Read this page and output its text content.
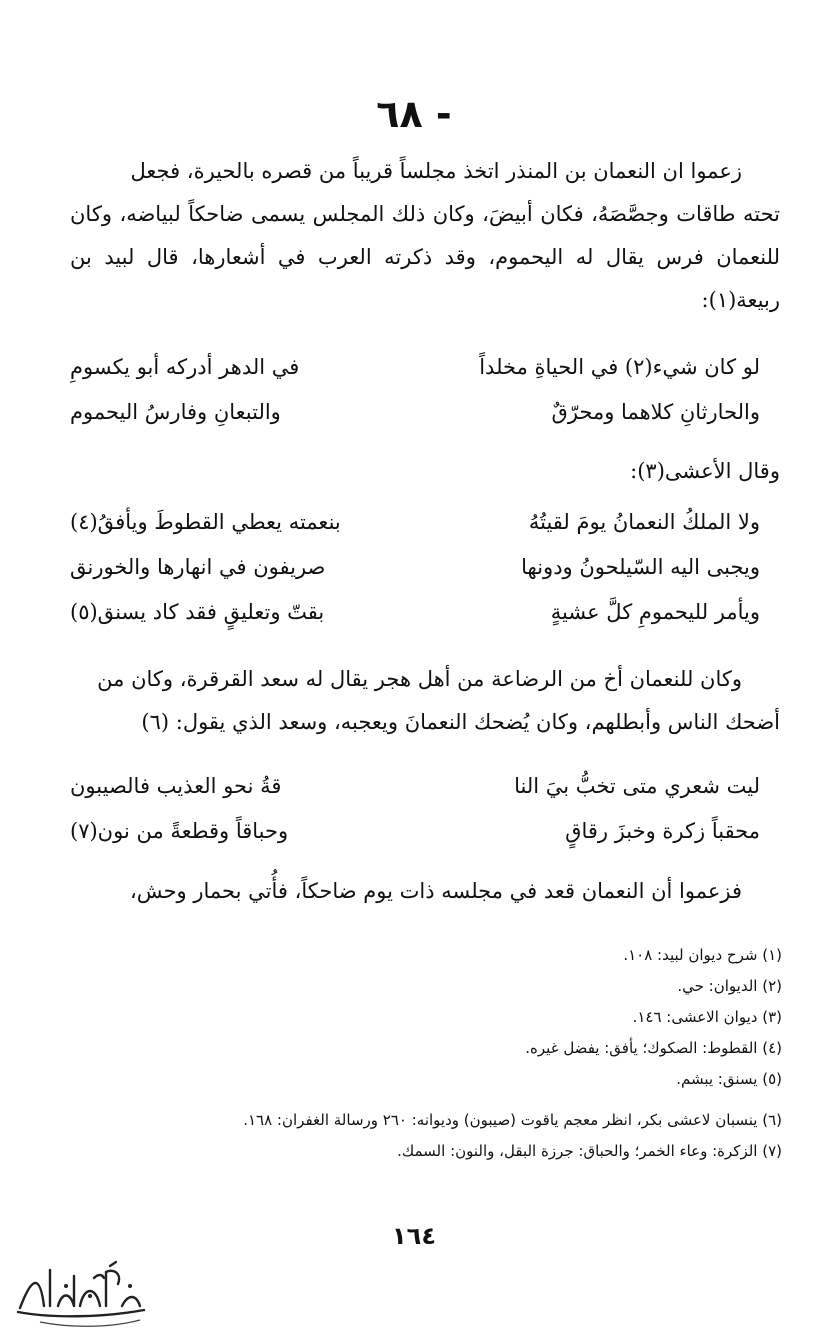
- ٦٨
زعموا ان النعمان بن المنذر اتخذ مجلساً قريباً من قصره بالحيرة، فجعل
تحته طاقات وجصَّصَهُ، فكان أبيضَ، وكان ذلك المجلس يسمى ضاحكاً لبياضه، وكان للنعمان فرس يقال له اليحموم، وقد ذكرته العرب في أشعارها، قال لبيد بن ربيعة(١):
لو كان شيء(٢) في الحياةِ مخلداً
في الدهر أدركه أبو يكسومِ
والحارثانِ كلاهما ومحرّقٌ
والتبعانِ وفارسُ اليحموم
وقال الأعشى(٣):
ولا الملكُ النعمانُ يومَ لقيتُهُ
بنعمته يعطي القطوطَ ويأفقُ(٤)
ويجبى اليه السّيلحونُ ودونها
صريفون في انهارها والخورنق
ويأمر لليحمومِ كلَّ عشيةٍ
بقتّ وتعليقٍ فقد كاد يسنق(٥)
وكان للنعمان أخ من الرضاعة من أهل هجر يقال له سعد القرقرة، وكان من
أضحك الناس وأبطلهم، وكان يُضحك النعمانَ ويعجبه، وسعد الذي يقول: (٦)
ليت شعري متى تخبُّ بيَ النا
قةُ نحو العذيب فالصيبون
محقباً زكرة وخبزَ رقاقٍ
وحباقاً وقطعةً من نون(٧)
فزعموا أن النعمان قعد في مجلسه ذات يوم ضاحكاً، فأُتي بحمار وحش،
(١) شرح ديوان لبيد: ١٠٨.
(٢) الديوان: حي.
(٣) ديوان الاعشى: ١٤٦.
(٤) القطوط: الصكوك؛ يأفق: يفضل غيره.
(٥) يسنق: يبشم.
(٦) ينسبان لاعشى بكر، انظر معجم ياقوت (صيبون) وديوانه: ٢٦٠ ورسالة الغفران: ١٦٨.
(٧) الزكرة: وعاء الخمر؛ والحباق: جرزة البقل، والنون: السمك.
١٦٤
